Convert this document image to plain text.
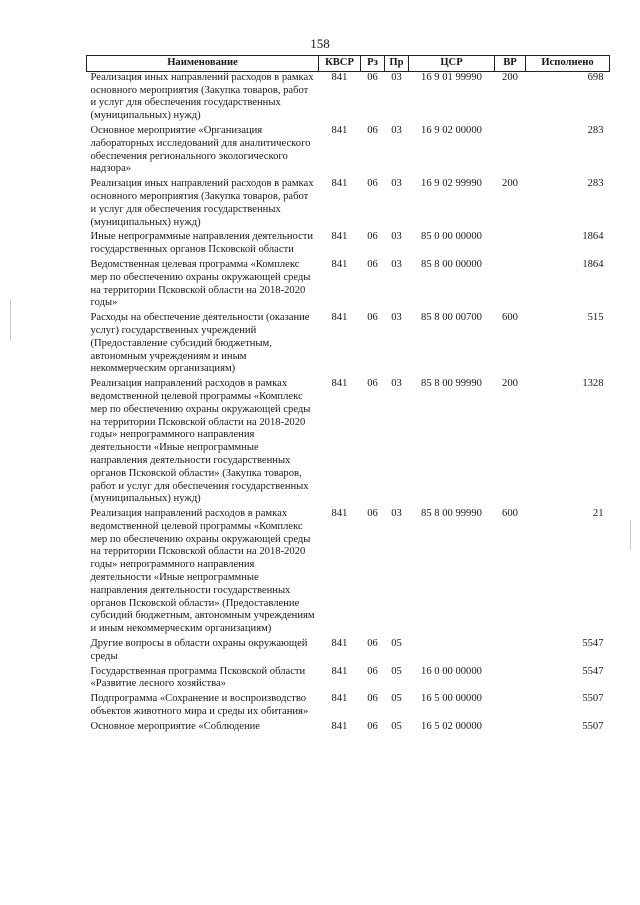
158
Наименование	КВСР	Рз	Пр	ЦСР	ВР	Исполнено
Реализация иных направлений расходов в рамках основного мероприятия (Закупка товаров, работ и услуг для обеспечения государственных (муниципальных) нужд)	841	06	03	16 9 01 99990	200	698
Основное мероприятие «Организация лабораторных исследований для аналитического обеспечения регионального экологического надзора»	841	06	03	16 9 02 00000		283
Реализация иных направлений расходов в рамках основного мероприятия (Закупка товаров, работ и услуг для обеспечения государственных (муниципальных) нужд)	841	06	03	16 9 02 99990	200	283
Иные непрограммные направления деятельности государственных органов Псковской области	841	06	03	85 0 00 00000		1864
Ведомственная целевая программа «Комплекс мер по обеспечению охраны окружающей среды на территории Псковской области на 2018-2020 годы»	841	06	03	85 8 00 00000		1864
Расходы на обеспечение деятельности (оказание услуг) государственных учреждений (Предоставление субсидий бюджетным, автономным учреждениям и иным некоммерческим организациям)	841	06	03	85 8 00 00700	600	515
Реализация направлений расходов в рамках ведомственной целевой программы «Комплекс мер по обеспечению охраны окружающей среды на территории Псковской области на 2018-2020 годы» непрограммного направления деятельности «Иные непрограммные направления деятельности государственных органов Псковской области» (Закупка товаров, работ и услуг для обеспечения государственных (муниципальных) нужд)	841	06	03	85 8 00 99990	200	1328
Реализация направлений расходов в рамках ведомственной целевой программы «Комплекс мер по обеспечению охраны окружающей среды на территории Псковской области на 2018-2020 годы» непрограммного направления деятельности «Иные непрограммные направления деятельности государственных органов Псковской области» (Предоставление субсидий бюджетным, автономным учреждениям и иным некоммерческим организациям)	841	06	03	85 8 00 99990	600	21
Другие вопросы в области охраны окружающей среды	841	06	05			5547
Государственная программа Псковской области «Развитие лесного хозяйства»	841	06	05	16 0 00 00000		5547
Подпрограмма «Сохранение и воспроизводство объектов животного мира и среды их обитания»	841	06	05	16 5 00 00000		5507
Основное мероприятие «Соблюдение	841	06	05	16 5 02 00000		5507
